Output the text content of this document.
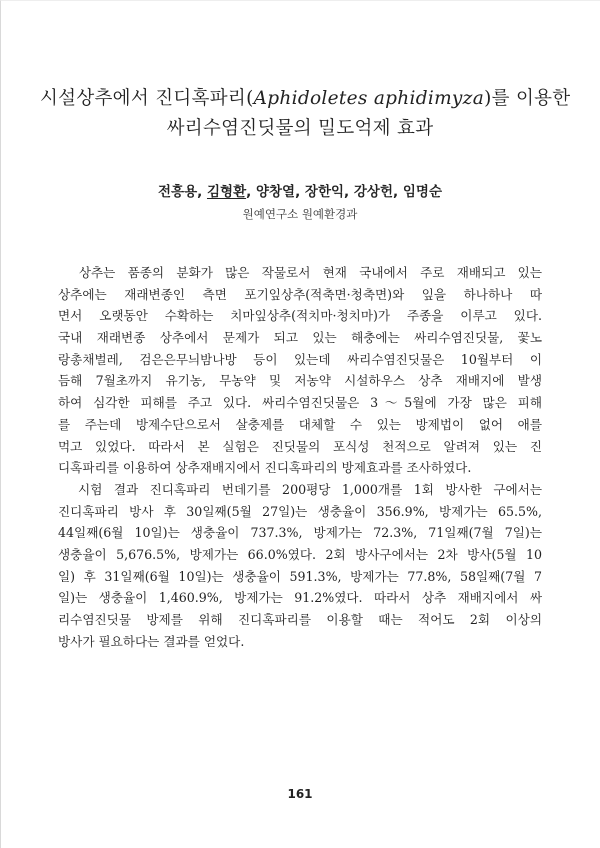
시설상추에서 진디혹파리(Aphidoletes aphidimyza)를 이용한
싸리수염진딧물의 밀도억제 효과
전흥용, 김형환, 양창열, 장한익, 강상헌, 임명순
원예연구소 원예환경과
　상추는 품종의 분화가 많은 작물로서 현재 국내에서 주로 재배되고 있는
상추에는 재래변종인 측면 포기잎상추(적축면·청축면)와 잎을 하나하나 따
면서 오랫동안 수확하는 치마잎상추(적치마·청치마)가 주종을 이루고 있다.
국내 재래변종 상추에서 문제가 되고 있는 해충에는 싸리수염진딧물, 꽃노
랑총채벌레, 검은은무늬밤나방 등이 있는데 싸리수염진딧물은 10월부터 이
듬해 7월초까지 유기농, 무농약 및 저농약 시설하우스 상추 재배지에 발생
하여 심각한 피해를 주고 있다. 싸리수염진딧물은 3～5월에 가장 많은 피해
를 주는데 방제수단으로서 살충제를 대체할 수 있는 방제법이 없어 애를
먹고 있었다. 따라서 본 실험은 진딧물의 포식성 천적으로 알려져 있는 진
디혹파리를 이용하여 상추재배지에서 진디혹파리의 방제효과를 조사하였다.
　시험 결과 진디혹파리 번데기를 200평당 1,000개를 1회 방사한 구에서는
진디혹파리 방사 후 30일째(5월 27일)는 생충율이 356.9%, 방제가는 65.5%,
44일째(6월 10일)는 생충율이 737.3%, 방제가는 72.3%, 71일째(7월 7일)는
생충율이 5,676.5%, 방제가는 66.0%였다. 2회 방사구에서는 2차 방사(5월 10
일) 후 31일째(6월 10일)는 생충율이 591.3%, 방제가는 77.8%, 58일째(7월 7
일)는 생충율이 1,460.9%, 방제가는 91.2%였다. 따라서 상추 재배지에서 싸
리수염진딧물 방제를 위해 진디혹파리를 이용할 때는 적어도 2회 이상의
방사가 필요하다는 결과를 얻었다.
161
